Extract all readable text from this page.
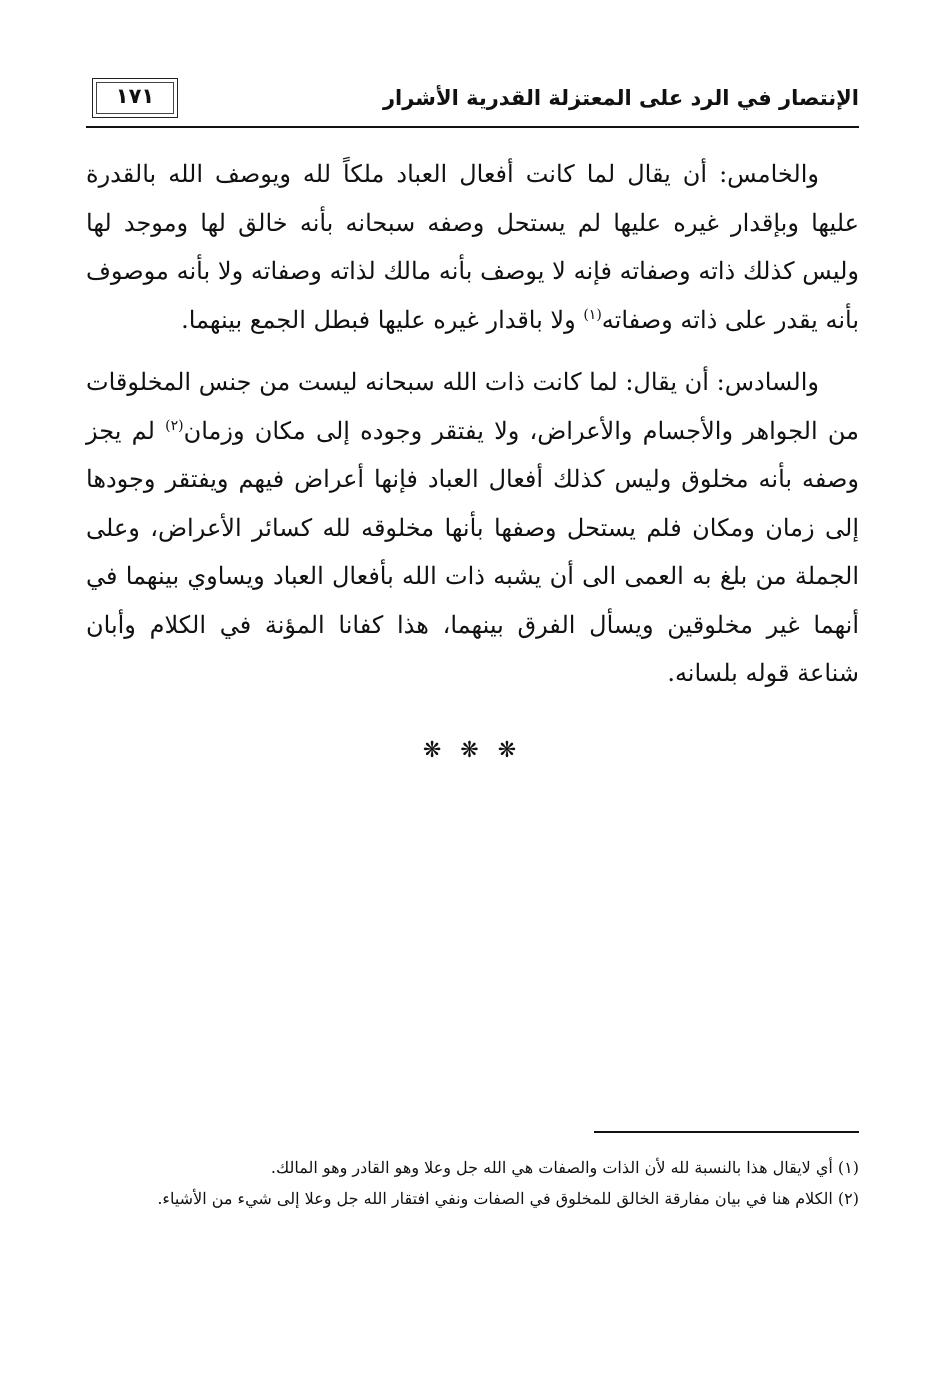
الإنتصار في الرد على المعتزلة القدرية الأشرار
١٧١

والخامس: أن يقال لما كانت أفعال العباد ملكاً لله ويوصف الله بالقدرة عليها وبإقدار غيره عليها لم يستحل وصفه سبحانه بأنه خالق لها وموجد لها وليس كذلك ذاته وصفاته فإنه لا يوصف بأنه مالك لذاته وصفاته ولا بأنه موصوف بأنه يقدر على ذاته وصفاته$^{(١)}$ ولا باقدار غيره عليها فبطل الجمع بينهما.

والسادس: أن يقال: لما كانت ذات الله سبحانه ليست من جنس المخلوقات من الجواهر والأجسام والأعراض، ولا يفتقر وجوده إلى مكان وزمان$^{(٢)}$ لم يجز وصفه بأنه مخلوق وليس كذلك أفعال العباد فإنها أعراض فيهم ويفتقر وجودها إلى زمان ومكان فلم يستحل وصفها بأنها مخلوقه لله كسائر الأعراض، وعلى الجملة من بلغ به العمى الى أن يشبه ذات الله بأفعال العباد ويساوي بينهما في أنهما غير مخلوقين ويسأل الفرق بينهما، هذا كفانا المؤنة في الكلام وأبان شناعة قوله بلسانه.

❋ ❋ ❋

(١) أي لايقال هذا بالنسبة لله لأن الذات والصفات هي الله جل وعلا وهو القادر وهو المالك.

(٢) الكلام هنا في بيان مفارقة الخالق للمخلوق في الصفات ونفي افتقار الله جل وعلا إلى شيء من الأشياء.
